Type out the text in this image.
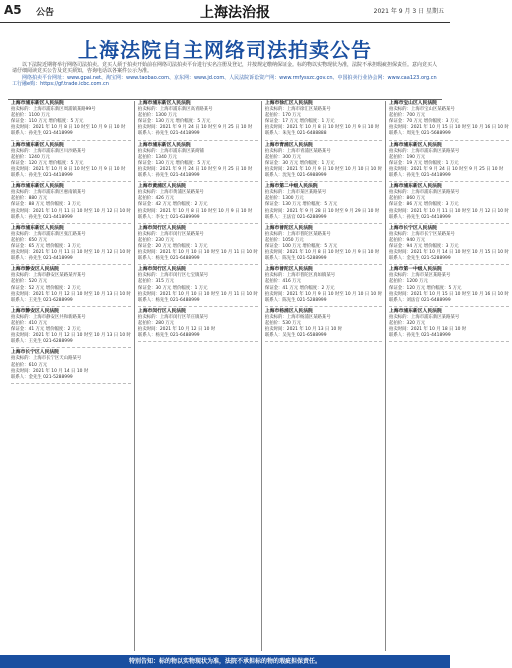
A5 公告	上海法治报	2021 年 9 月 3 日 星期五
上海法院自主网络司法拍卖公告

以下法院近期将举行网络司法拍卖。竞买人须于拍卖开始前在网络司法拍卖平台进行实名注册及登记，并按规定缴纳保证金。标的物以实物现状为准，法院不承担瑕疵担保责任。意向竞买人请仔细阅读竞买公告及竞买须知，咨询电话以各案件公示为准。

网络拍卖平台网址：www.gpai.net、淘宝网：www.taobao.com、京东网：www.jd.com、人民法院诉讼资产网：www.rmfysszc.gov.cn、中国拍卖行业协会网：www.caa123.org.cn 工行融e购：https://gf.trade.icbc.com.cn

上海市浦东新区人民法院
拍卖标的：上海市浦东新区周浦镇某路99号
起拍价：1100 万元
保证金：110 万元 增价幅度：5 万元
拍卖时间：2021 年 10 月 8 日 10 时至 10 月 9 日 10 时
联系人：孙先生 021-4418999
上海市浦东新区人民法院
拍卖标的：上海市浦东新区川沙路某号
起拍价：1240 万元
保证金：120 万元 增价幅度：5 万元
拍卖时间：2021 年 10 月 8 日 10 时至 10 月 9 日 10 时
联系人：孙先生 021-4418999
上海市浦东新区人民法院
拍卖标的：上海市浦东新区惠南镇某号
起拍价：880 万元
保证金：88 万元 增价幅度：3 万元
拍卖时间：2021 年 10 月 11 日 10 时至 10 月 12 日 10 时
联系人：孙先生 021-4418999
上海市浦东新区人民法院
拍卖标的：上海市浦东新区张江路某号
起拍价：650 万元
保证金：65 万元 增价幅度：3 万元
拍卖时间：2021 年 10 月 11 日 10 时至 10 月 12 日 10 时
联系人：孙先生 021-4418999
上海市静安区人民法院
拍卖标的：上海市静安区某路某弄某号
起拍价：520 万元
保证金：52 万元 增价幅度：2 万元
拍卖时间：2021 年 10 月 12 日 10 时至 10 月 13 日 10 时
联系人：王先生 021-6288999
上海市静安区人民法院
拍卖标的：上海市静安区共和新路某号
起拍价：410 万元
保证金：41 万元 增价幅度：2 万元
拍卖时间：2021 年 10 月 12 日 10 时至 10 月 13 日 10 时
联系人：王先生 021-6288999
上海市长宁区人民法院
拍卖标的：上海市长宁区天山路某号
起拍价：610 万元
拍卖时间：2021 年 10 月 14 日 10 时
联系人：金先生 021-5288999
上海市浦东新区人民法院
拍卖标的：上海市浦东新区高青路某号
起拍价：1300 万元
保证金：130 万元 增价幅度：5 万元
拍卖时间：2021 年 9 月 24 日 10 时至 9 月 25 日 10 时
联系人：孙先生 021-4418999
上海市浦东新区人民法院
拍卖标的：上海市浦东新区某商铺
起拍价：1340 万元
保证金：130 万元 增价幅度：5 万元
拍卖时间：2021 年 9 月 24 日 10 时至 9 月 25 日 10 时
联系人：孙先生 021-4418999
上海市黄浦区人民法院
拍卖标的：上海市黄浦区某路某号
起拍价：426 万元
保证金：42 万元 增价幅度：2 万元
拍卖时间：2021 年 10 月 8 日 10 时至 10 月 9 日 10 时
联系人：李女士 021-6389999
上海市闵行区人民法院
拍卖标的：上海市闵行区某路某号
起拍价：230 万元
保证金：20 万元 增价幅度：1 万元
拍卖时间：2021 年 10 月 10 日 10 时至 10 月 11 日 10 时
联系人：杨先生 021-6488999
上海市闵行区人民法院
拍卖标的：上海市闵行区七宝镇某号
起拍价：315 万元
保证金：30 万元 增价幅度：1 万元
拍卖时间：2021 年 10 月 10 日 10 时至 10 月 11 日 10 时
联系人：杨先生 021-6488999
上海市闵行区人民法院
拍卖标的：上海市闵行区莘庄镇某号
起拍价：280 万元
拍卖时间：2021 年 10 月 12 日 10 时
联系人：杨先生 021-6488999
上海市徐汇区人民法院
拍卖标的：上海市徐汇区某路某号
起拍价：170 万元
保证金：17 万元 增价幅度：1 万元
拍卖时间：2021 年 10 月 8 日 10 时至 10 月 9 日 10 时
联系人：朱先生 021-6488888
上海市青浦区人民法院
拍卖标的：上海市青浦区某路某号
起拍价：300 万元
保证金：30 万元 增价幅度：1 万元
拍卖时间：2021 年 10 月 9 日 10 时至 10 月 10 日 10 时
联系人：沈先生 021-6988999
上海市第二中级人民法院
拍卖标的：上海市某区某路某号
起拍价：1300 万元
保证金：130 万元 增价幅度：5 万元
拍卖时间：2021 年 9 月 28 日 10 时至 9 月 29 日 10 时
联系人：王法官 021-6288999
上海市普陀区人民法院
拍卖标的：上海市普陀区某路某号
起拍价：1050 万元
保证金：100 万元 增价幅度：5 万元
拍卖时间：2021 年 10 月 8 日 10 时至 10 月 9 日 10 时
联系人：陈先生 021-5288999
上海市普陀区人民法院
拍卖标的：上海市普陀区真如镇某号
起拍价：416 万元
保证金：41 万元 增价幅度：2 万元
拍卖时间：2021 年 10 月 9 日 10 时至 10 月 10 日 10 时
联系人：陈先生 021-5288999
上海市杨浦区人民法院
拍卖标的：上海市杨浦区某路某号
起拍价：530 万元
拍卖时间：2021 年 10 月 13 日 10 时
联系人：吴先生 021-6588999
上海市宝山区人民法院
拍卖标的：上海市宝山区某路某号
起拍价：700 万元
保证金：70 万元 增价幅度：3 万元
拍卖时间：2021 年 10 月 15 日 10 时至 10 月 16 日 10 时
联系人：周先生 021-5688999
上海市浦东新区人民法院
拍卖标的：上海市浦东新区某路某号
起拍价：190 万元
保证金：19 万元 增价幅度：1 万元
拍卖时间：2021 年 9 月 24 日 10 时至 9 月 25 日 10 时
联系人：孙先生 021-4418999
上海市浦东新区人民法院
拍卖标的：上海市浦东新区某路某号
起拍价：860 万元
保证金：86 万元 增价幅度：3 万元
拍卖时间：2021 年 10 月 11 日 10 时至 10 月 12 日 10 时
联系人：孙先生 021-4418999
上海市长宁区人民法院
拍卖标的：上海市长宁区某路某号
起拍价：940 万元
保证金：94 万元 增价幅度：3 万元
拍卖时间：2021 年 10 月 14 日 10 时至 10 月 15 日 10 时
联系人：金先生 021-5288999
上海市第一中级人民法院
拍卖标的：上海市某区某路某号
起拍价：1200 万元
保证金：120 万元 增价幅度：5 万元
拍卖时间：2021 年 10 月 15 日 10 时至 10 月 16 日 10 时
联系人：刘法官 021-6488999
上海市浦东新区人民法院
拍卖标的：上海市浦东新区某路某号
起拍价：320 万元
拍卖时间：2021 年 10 月 18 日 10 时
联系人：孙先生 021-4418999
特别告知：标的物以实物现状为准，法院不承担标的物的瑕疵担保责任。
